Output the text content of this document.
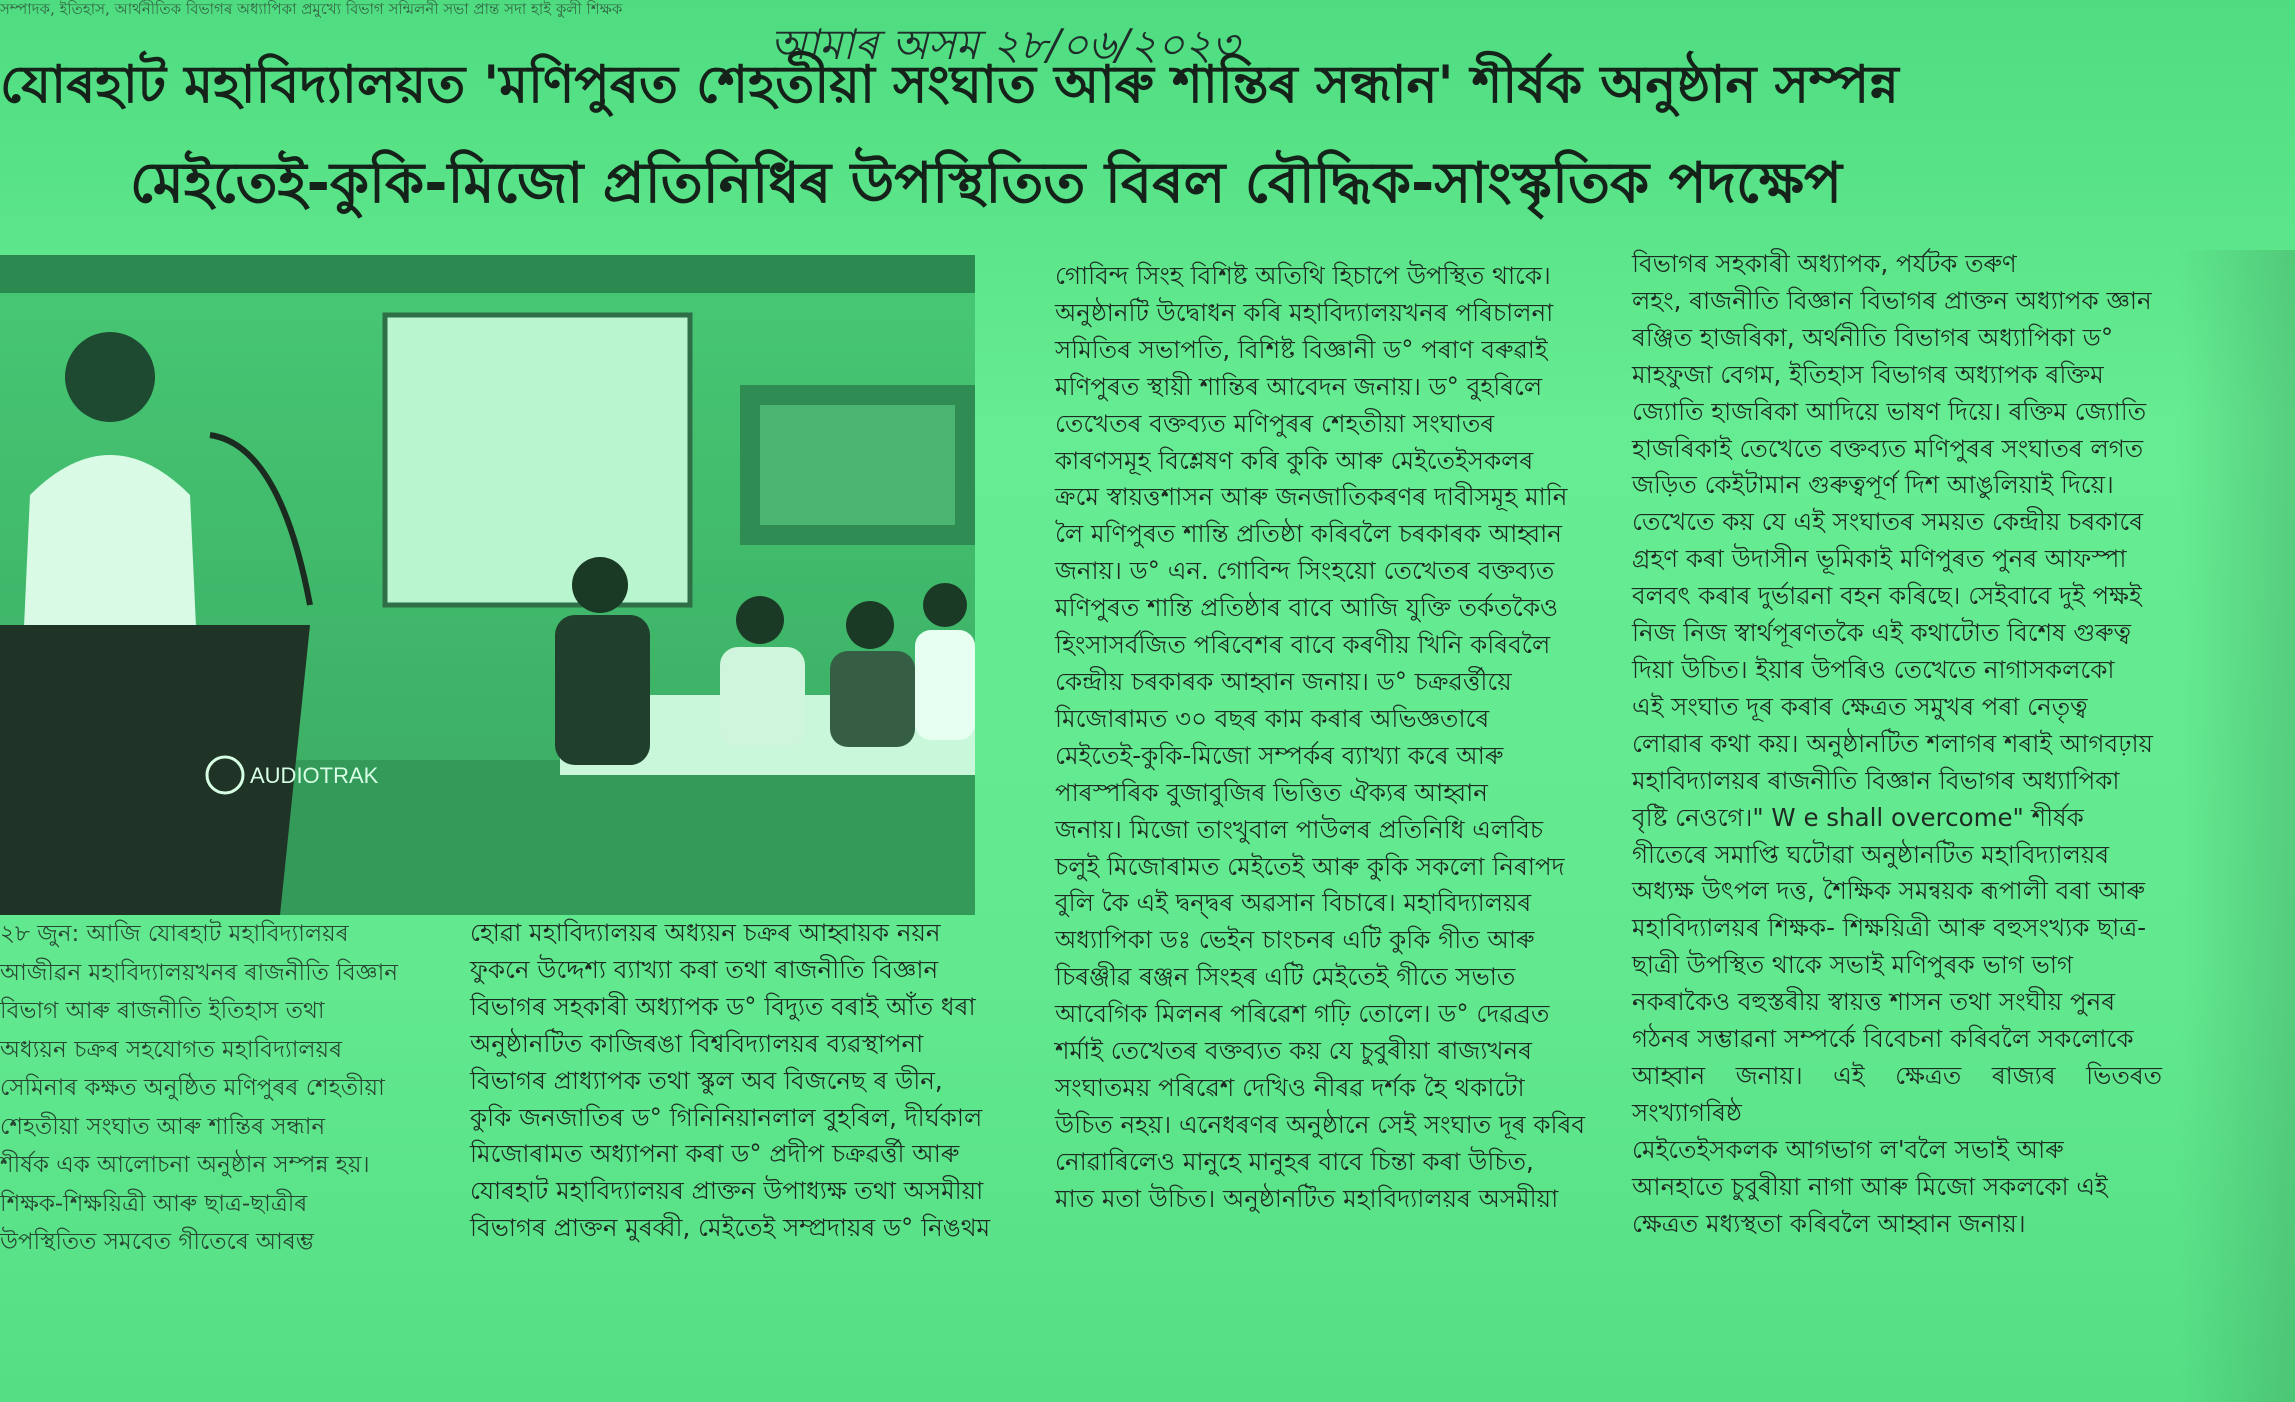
সম্পাদক, ইতিহাস, আৰ্থনীতিক বিভাগৰ অধ্যাপিকা প্ৰমুখ্যে বিভাগ সন্মিলনী সভা প্ৰান্ত সদা হাই কুলী শিক্ষক
আমাৰ অসম ২৮/০৬/২০২৩
যোৰহাট মহাবিদ্যালয়ত 'মণিপুৰত শেহতীয়া সংঘাত আৰু শান্তিৰ সন্ধান' শীৰ্ষক অনুষ্ঠান সম্পন্ন
মেইতেই-কুকি-মিজো প্ৰতিনিধিৰ উপস্থিতিত বিৰল বৌদ্ধিক-সাংস্কৃতিক পদক্ষেপ
AUDIOTRAK

গোবিন্দ সিংহ বিশিষ্ট অতিথি হিচাপে উপস্থিত থাকে।

অনুষ্ঠানটি উদ্বোধন কৰি মহাবিদ্যালয়খনৰ পৰিচালনা

সমিতিৰ সভাপতি, বিশিষ্ট বিজ্ঞানী ড° পৰাণ বৰুৱাই

মণিপুৰত স্থায়ী শান্তিৰ আবেদন জনায়। ড° বুহৰিলে

তেখেতৰ বক্তব্যত মণিপুৰৰ শেহতীয়া সংঘাতৰ

কাৰণসমূহ বিশ্লেষণ কৰি কুকি আৰু মেইতেইসকলৰ

ক্ৰমে স্বায়ত্তশাসন আৰু জনজাতিকৰণৰ দাবীসমূহ মানি

লৈ মণিপুৰত শান্তি প্ৰতিষ্ঠা কৰিবলৈ চৰকাৰক আহ্বান

জনায়। ড° এন. গোবিন্দ সিংহয়ো তেখেতৰ বক্তব্যত

মণিপুৰত শান্তি প্ৰতিষ্ঠাৰ বাবে আজি যুক্তি তৰ্কতকৈও

হিংসাসৰ্বজিত পৰিবেশৰ বাবে কৰণীয় খিনি কৰিবলৈ

কেন্দ্ৰীয় চৰকাৰক আহ্বান জনায়। ড° চক্ৰৱৰ্ত্তীয়ে

মিজোৰামত ৩০ বছৰ কাম কৰাৰ অভিজ্ঞতাৰে

মেইতেই-কুকি-মিজো সম্পৰ্কৰ ব্যাখ্যা কৰে আৰু

পাৰস্পৰিক বুজাবুজিৰ ভিত্তিত ঐক্যৰ আহ্বান

জনায়। মিজো তাংখুবাল পাউলৰ প্ৰতিনিধি এলবিচ

চলুই মিজোৰামত মেইতেই আৰু কুকি সকলো নিৰাপদ

বুলি কৈ এই দ্বন্দ্বৰ অৱসান বিচাৰে। মহাবিদ্যালয়ৰ

অধ্যাপিকা ডঃ ভেইন চাংচনৰ এটি কুকি গীত আৰু

চিৰঞ্জীৱ ৰঞ্জন সিংহৰ এটি মেইতেই গীতে সভাত

আবেগিক মিলনৰ পৰিৱেশ গঢ়ি তোলে। ড° দেৱব্ৰত

শৰ্মাই তেখেতৰ বক্তব্যত কয় যে চুবুৰীয়া ৰাজ্যখনৰ

সংঘাতময় পৰিৱেশ দেখিও নীৰৱ দৰ্শক হৈ থকাটো

উচিত নহয়। এনেধৰণৰ অনুষ্ঠানে সেই সংঘাত দূৰ কৰিব

নোৱাৰিলেও মানুহে মানুহৰ বাবে চিন্তা কৰা উচিত,

মাত মতা উচিত। অনুষ্ঠানটিত মহাবিদ্যালয়ৰ অসমীয়া

বিভাগৰ সহকাৰী অধ্যাপক, পৰ্যটক তৰুণ

লহং, ৰাজনীতি বিজ্ঞান বিভাগৰ প্ৰাক্তন অধ্যাপক জ্ঞান

ৰঞ্জিত হাজৰিকা, অৰ্থনীতি বিভাগৰ অধ্যাপিকা ড°

মাহফুজা বেগম, ইতিহাস বিভাগৰ অধ্যাপক ৰক্তিম

জ্যোতি হাজৰিকা আদিয়ে ভাষণ দিয়ে। ৰক্তিম জ্যোতি

হাজৰিকাই তেখেতে বক্তব্যত মণিপুৰৰ সংঘাতৰ লগত

জড়িত কেইটামান গুৰুত্বপূৰ্ণ দিশ আঙুলিয়াই দিয়ে।

তেখেতে কয় যে এই সংঘাতৰ সময়ত কেন্দ্ৰীয় চৰকাৰে

গ্ৰহণ কৰা উদাসীন ভূমিকাই মণিপুৰত পুনৰ আফস্পা

বলবৎ কৰাৰ দুৰ্ভাৱনা বহন কৰিছে। সেইবাবে দুই পক্ষই

নিজ নিজ স্বাৰ্থপূৰণতকৈ এই কথাটোত বিশেষ গুৰুত্ব

দিয়া উচিত। ইয়াৰ উপৰিও তেখেতে নাগাসকলকো

এই সংঘাত দূৰ কৰাৰ ক্ষেত্ৰত সমুখৰ পৰা নেতৃত্ব

লোৱাৰ কথা কয়। অনুষ্ঠানটিত শলাগৰ শৰাই আগবঢ়ায়

মহাবিদ্যালয়ৰ ৰাজনীতি বিজ্ঞান বিভাগৰ অধ্যাপিকা

বৃষ্টি নেওগে।" W e shall overcome" শীৰ্ষক

গীতেৰে সমাপ্তি ঘটোৱা অনুষ্ঠানটিত মহাবিদ্যালয়ৰ

অধ্যক্ষ উৎপল দত্ত, শৈক্ষিক সমন্বয়ক ৰূপালী বৰা আৰু

মহাবিদ্যালয়ৰ শিক্ষক- শিক্ষয়িত্ৰী আৰু বহুসংখ্যক ছাত্ৰ-

ছাত্ৰী উপস্থিত থাকে সভাই মণিপুৰক ভাগ ভাগ

নকৰাকৈও বহুস্তৰীয় স্বায়ত্ত শাসন তথা সংঘীয় পুনৰ

গঠনৰ সম্ভাৱনা সম্পৰ্কে বিবেচনা কৰিবলৈ সকলোকে

আহ্বান জনায়। এই ক্ষেত্ৰত ৰাজ্যৰ ভিতৰত সংখ্যাগৰিষ্ঠ

মেইতেইসকলক আগভাগ ল'বলৈ সভাই আৰু

আনহাতে চুবুৰীয়া নাগা আৰু মিজো সকলকো এই

ক্ষেত্ৰত মধ্যস্থতা কৰিবলৈ আহ্বান জনায়।

২৮ জুন: আজি যোৰহাট মহাবিদ্যালয়ৰ

আজীৱন মহাবিদ্যালয়খনৰ ৰাজনীতি বিজ্ঞান

বিভাগ আৰু ৰাজনীতি ইতিহাস তথা

অধ্যয়ন চক্ৰৰ সহযোগত মহাবিদ্যালয়ৰ

সেমিনাৰ কক্ষত অনুষ্ঠিত মণিপুৰৰ শেহতীয়া

শেহতীয়া সংঘাত আৰু শান্তিৰ সন্ধান

শীৰ্ষক এক আলোচনা অনুষ্ঠান সম্পন্ন হয়।

শিক্ষক-শিক্ষয়িত্ৰী আৰু ছাত্ৰ-ছাত্ৰীৰ

উপস্থিতিত সমবেত গীতেৰে আৰম্ভ

হোৱা মহাবিদ্যালয়ৰ অধ্যয়ন চক্ৰৰ আহ্বায়ক নয়ন

ফুকনে উদ্দেশ্য ব্যাখ্যা কৰা তথা ৰাজনীতি বিজ্ঞান

বিভাগৰ সহকাৰী অধ্যাপক ড° বিদ্যুত বৰাই আঁত ধৰা

অনুষ্ঠানটিত কাজিৰঙা বিশ্ববিদ্যালয়ৰ ব্যৱস্থাপনা

বিভাগৰ প্ৰাধ্যাপক তথা স্কুল অব বিজনেছ ৰ ডীন,

কুকি জনজাতিৰ ড° গিনিনিয়ানলাল বুহৰিল, দীৰ্ঘকাল

মিজোৰামত অধ্যাপনা কৰা ড° প্ৰদীপ চক্ৰৱৰ্ত্তী আৰু

যোৰহাট মহাবিদ্যালয়ৰ প্ৰাক্তন উপাধ্যক্ষ তথা অসমীয়া

বিভাগৰ প্ৰাক্তন মুৰব্বী, মেইতেই সম্প্ৰদায়ৰ ড° নিঙথম
